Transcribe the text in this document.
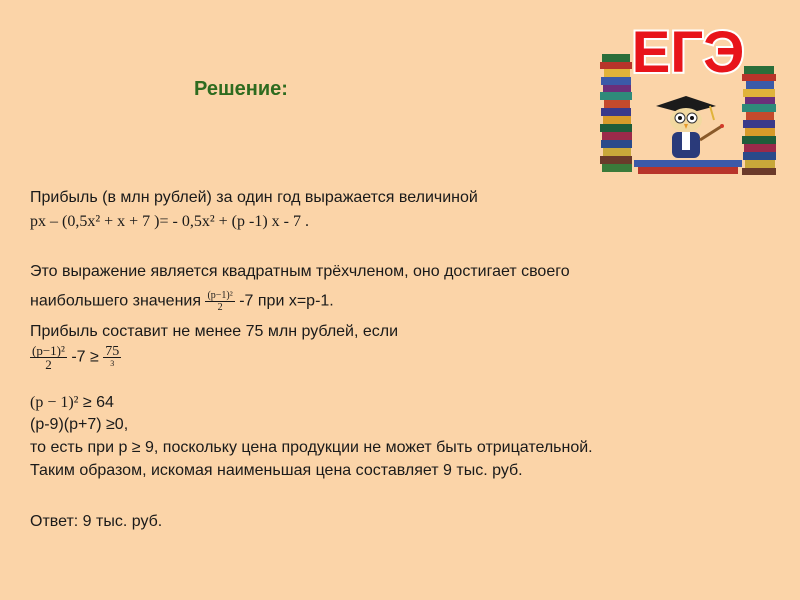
Решение:
ЕГЭ
Прибыль (в млн рублей) за один год выражается величиной
px – (0,5x² + x + 7 )= - 0,5x² + (p -1) x - 7 .
Это выражение является квадратным трёхчленом, оно достигает своего
наибольшего значения $\frac{\text{(p−1)²}}{2} -7$ при x=p-1.
Прибыль составит не менее 75 млн рублей, если
$\frac{\text{(p−1)²}}{2} -7 \ge \frac{75}{3}$
(p − 1)² ≥ 64
(p-9)(p+7) ≥0,
то есть при p ≥ 9, поскольку цена продукции не может быть отрицательной.
Таким образом, искомая наименьшая цена составляет 9 тыс. руб.
Ответ: 9 тыс. руб.
